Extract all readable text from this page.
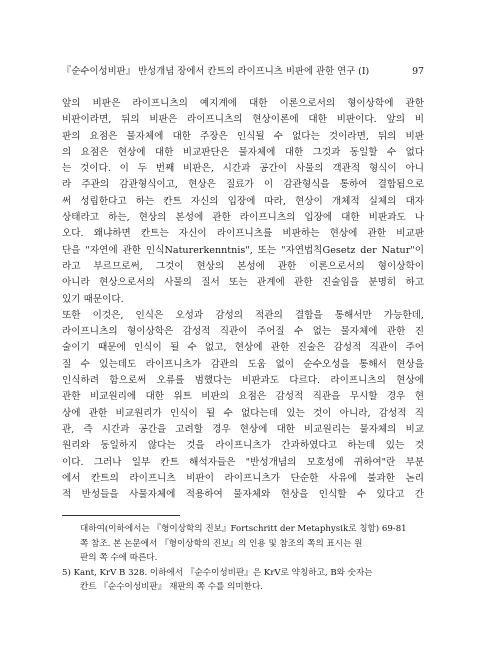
『순수이성비판』 반성개념 장에서 칸트의 라이프니츠 비판에 관한 연구 (I)	97
앞의 비판은 라이프니츠의 예지계에 대한 이론으로서의 형이상학에 관한
비판이라면, 뒤의 비판은 라이프니츠의 현상이론에 대한 비판이다. 앞의 비
판의 요점은 물자체에 대한 주장은 인식될 수 없다는 것이라면, 뒤의 비판
의 요점은 현상에 대한 비교판단은 물자체에 대한 그것과 동일할 수 없다
는 것이다. 이 두 번째 비판은, 시간과 공간이 사물의 객관적 형식이 아니
라 주관의 감관형식이고, 현상은 질료가 이 감관형식을 통하여 결합됨으로
써 성립한다고 하는 칸트 자신의 입장에 따라, 현상이 개체적 실체의 대자
상태라고 하는, 현상의 본성에 관한 라이프니츠의 입장에 대한 비판과도 나
오다. 왜냐하면 칸트는 자신이 라이프니츠를 비판하는 현상에 관한 비교판
단을 "자연에 관한 인식Naturerkenntnis", 또는 "자연법칙Gesetz der Natur"이
라고 부르므로써, 그것이 현상의 본성에 관한 이론으로서의 형이상학이
아니라 현상으로서의 사물의 질서 또는 관계에 관한 진술임을 분명히 하고
있기 때문이다.
또한 이것은, 인식은 오성과 감성의 적관의 결합을 통해서만 가능한데,
라이프니츠의 형이상학은 감성적 직관이 주어질 수 없는 물자체에 관한 진
술이기 때문에 인식이 될 수 없고, 현상에 관한 진술은 감성적 직관이 주어
질 수 있는데도 라이프니츠가 감관의 도움 없이 순수오성을 통해서 현상을
인식하려 함으로써 오류를 범했다는 비판과도 다르다. 라이프니츠의 현상에
관한 비교원리에 대한 위트 비판의 요점은 감성적 직관을 무시할 경우 현
상에 관한 비교원리가 인식이 될 수 없다는데 있는 것이 아니라, 감성적 직
관, 즉 시간과 공간을 고려할 경우 현상에 대한 비교원리는 물자체의 비교
원리와 동일하지 않다는 것을 라이프니츠가 간과하였다고 하는데 있는 것
이다. 그러나 일부 칸트 해석자들은 "반성개념의 모호성에 귀하여"란 부분
에서 칸트의 라이프니츠 비판이 라이프니츠가 단순한 사유에 불과한 논리
적 반성들을 사물자체에 적용하여 물자체와 현상을 인식할 수 있다고 간
대하여(이하에서는 『형이상학의 진보』Fortschritt der Metaphysik로 칭함) 69-81
쪽 참조. 본 논문에서 『형이상학의 진보』의 인용 및 참조의 쪽의 표시는 원
판의 쪽 수에 따른다.
5) Kant, KrV B 328. 이하에서 『순수이성비판』은 KrV로 약칭하고, B와 숫자는
칸트 『순수이성비판』 재판의 쪽 수를 의미한다.
